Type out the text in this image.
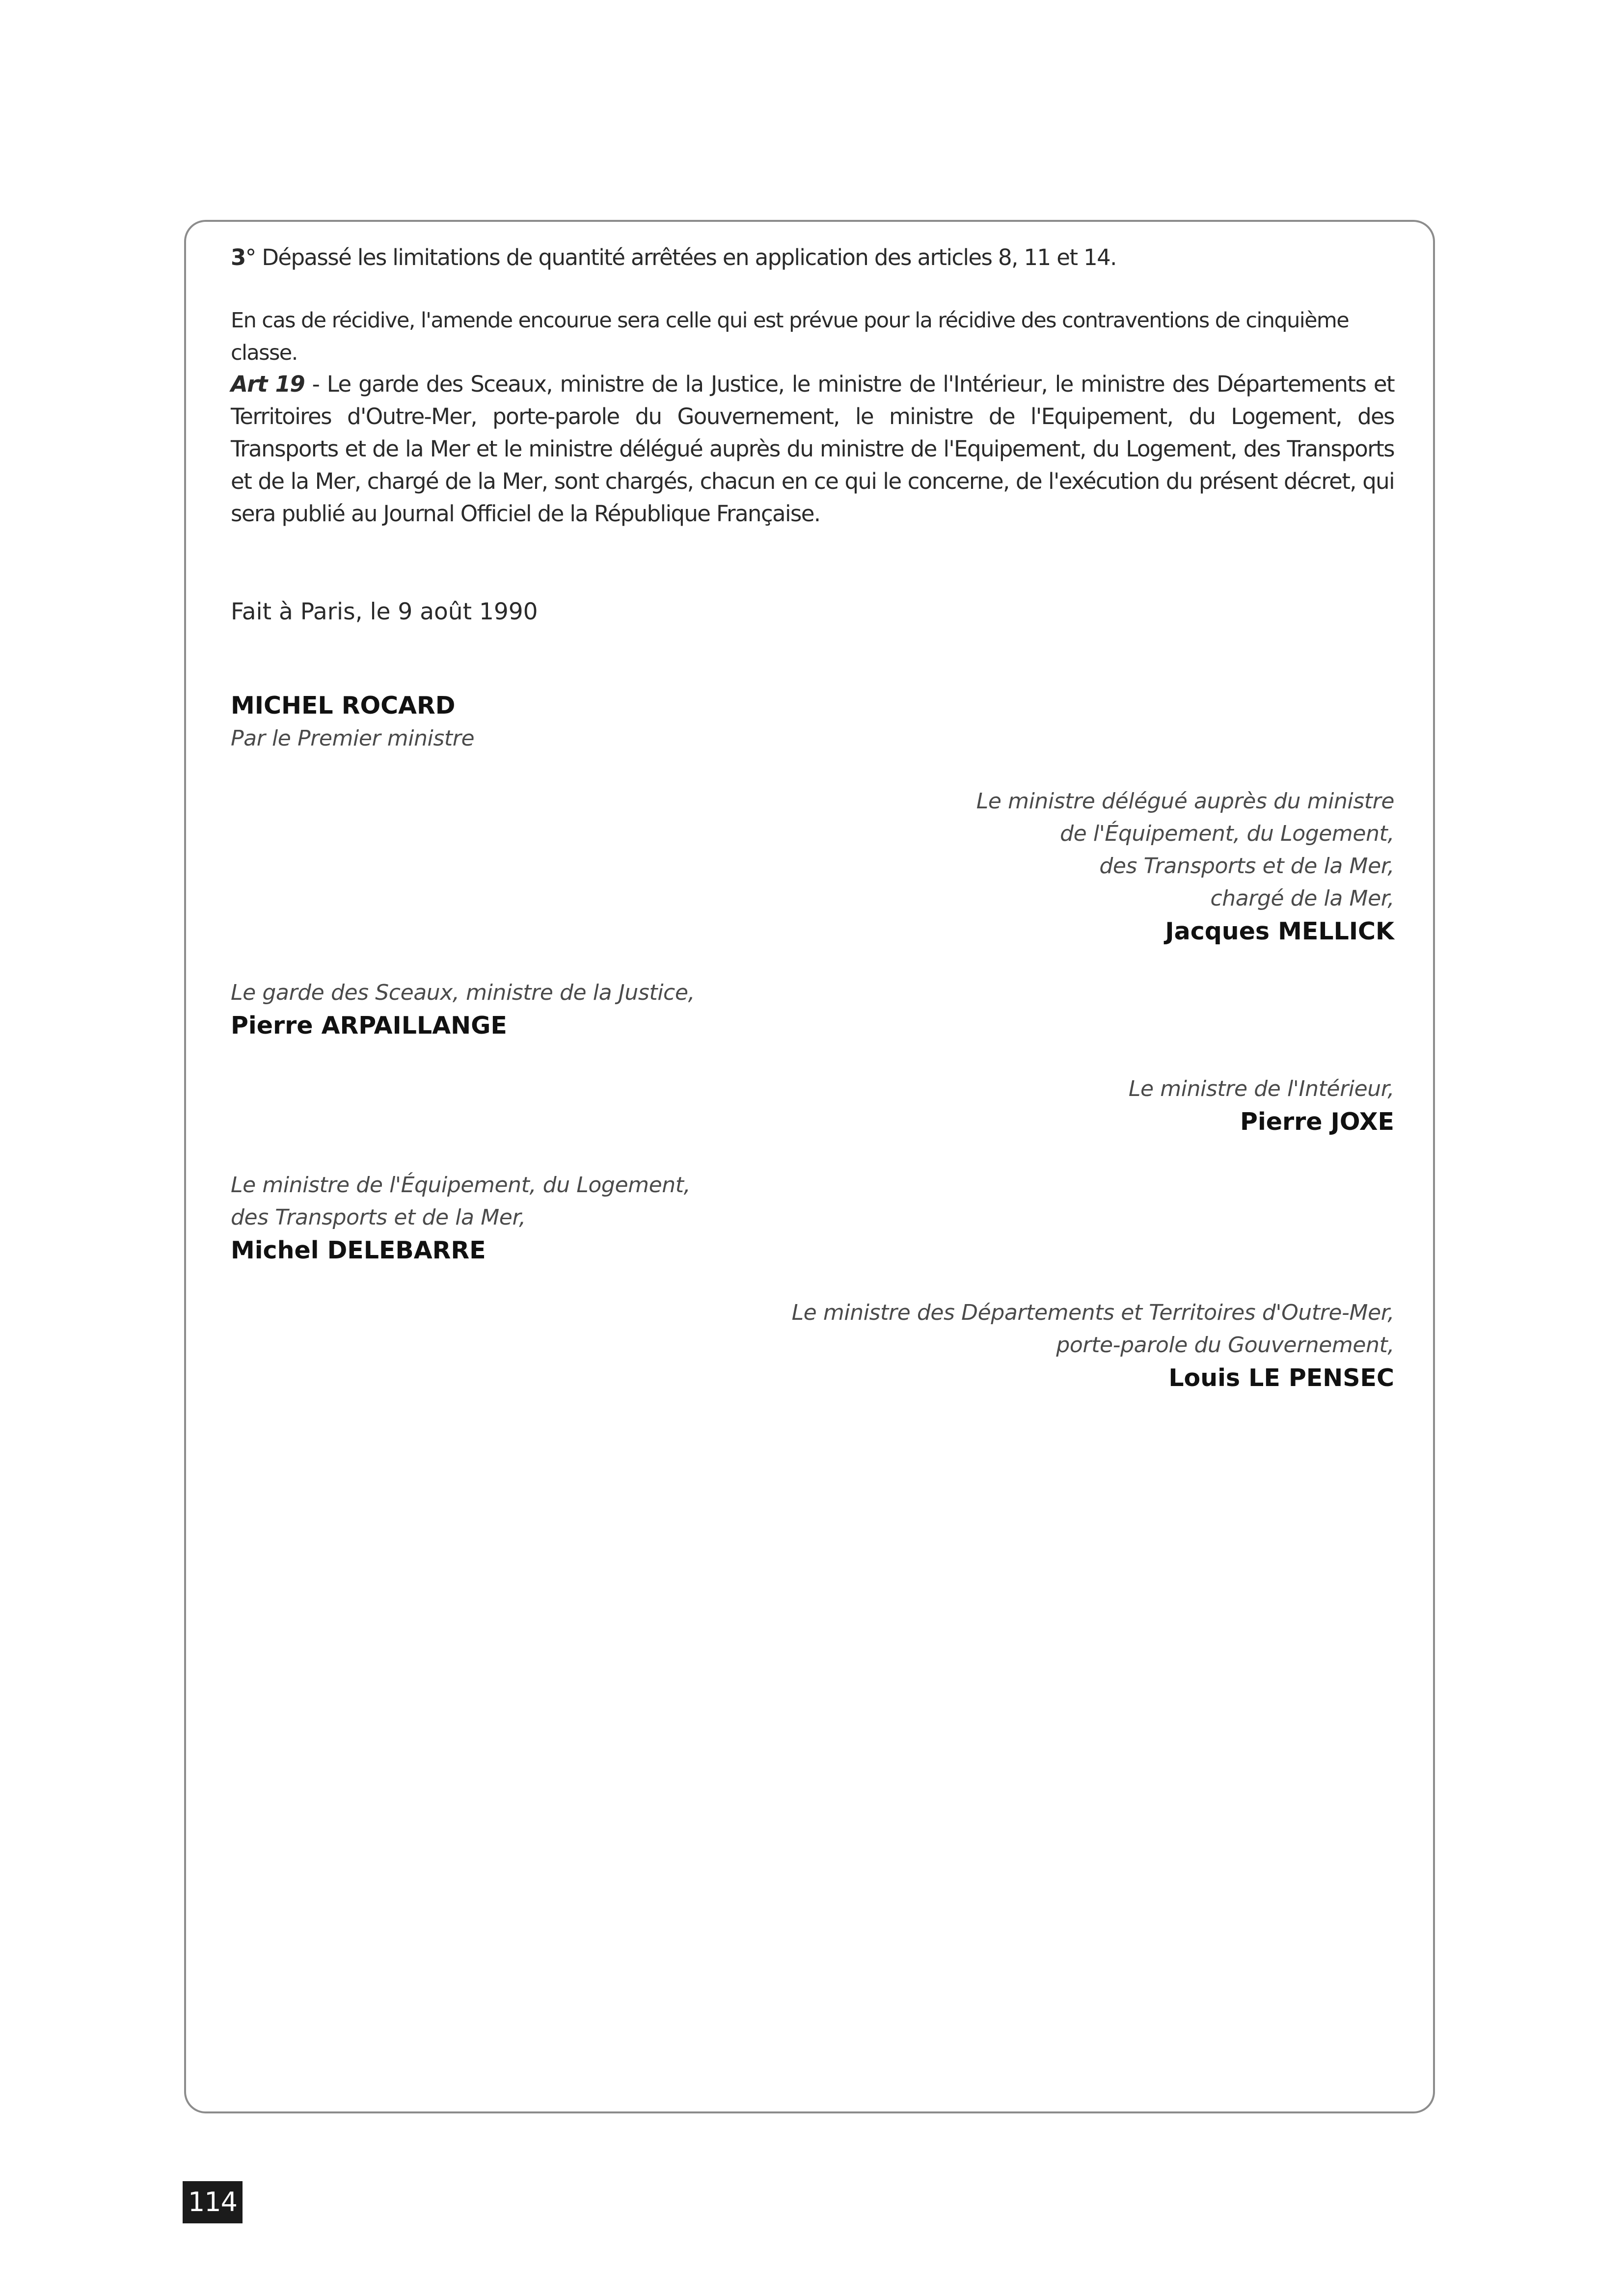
3° Dépassé les limitations de quantité arrêtées en application des articles 8, 11 et 14.

En cas de récidive, l'amende encourue sera celle qui est prévue pour la récidive des contraventions de cinquième classe.

Art 19 - Le garde des Sceaux, ministre de la Justice, le ministre de l'Intérieur, le ministre des Départements et Territoires d'Outre-Mer, porte-parole du Gouvernement, le ministre de l'Equipement, du Logement, des Transports et de la Mer et le ministre délégué auprès du ministre de l'Equipement, du Logement, des Transports et de la Mer, chargé de la Mer, sont chargés, chacun en ce qui le concerne, de l'exécution du présent décret, qui sera publié au Journal Officiel de la République Française.

Fait à Paris, le 9 août 1990

MICHEL ROCARD
Par le Premier ministre
Le ministre délégué auprès du ministre
de l'Équipement, du Logement,
des Transports et de la Mer,
chargé de la Mer,
Jacques MELLICK
Le garde des Sceaux, ministre de la Justice,
Pierre ARPAILLANGE
Le ministre de l'Intérieur,
Pierre JOXE
Le ministre de l'Équipement, du Logement,
des Transports et de la Mer,
Michel DELEBARRE
Le ministre des Départements et Territoires d'Outre-Mer,
porte-parole du Gouvernement,
Louis LE PENSEC
114
